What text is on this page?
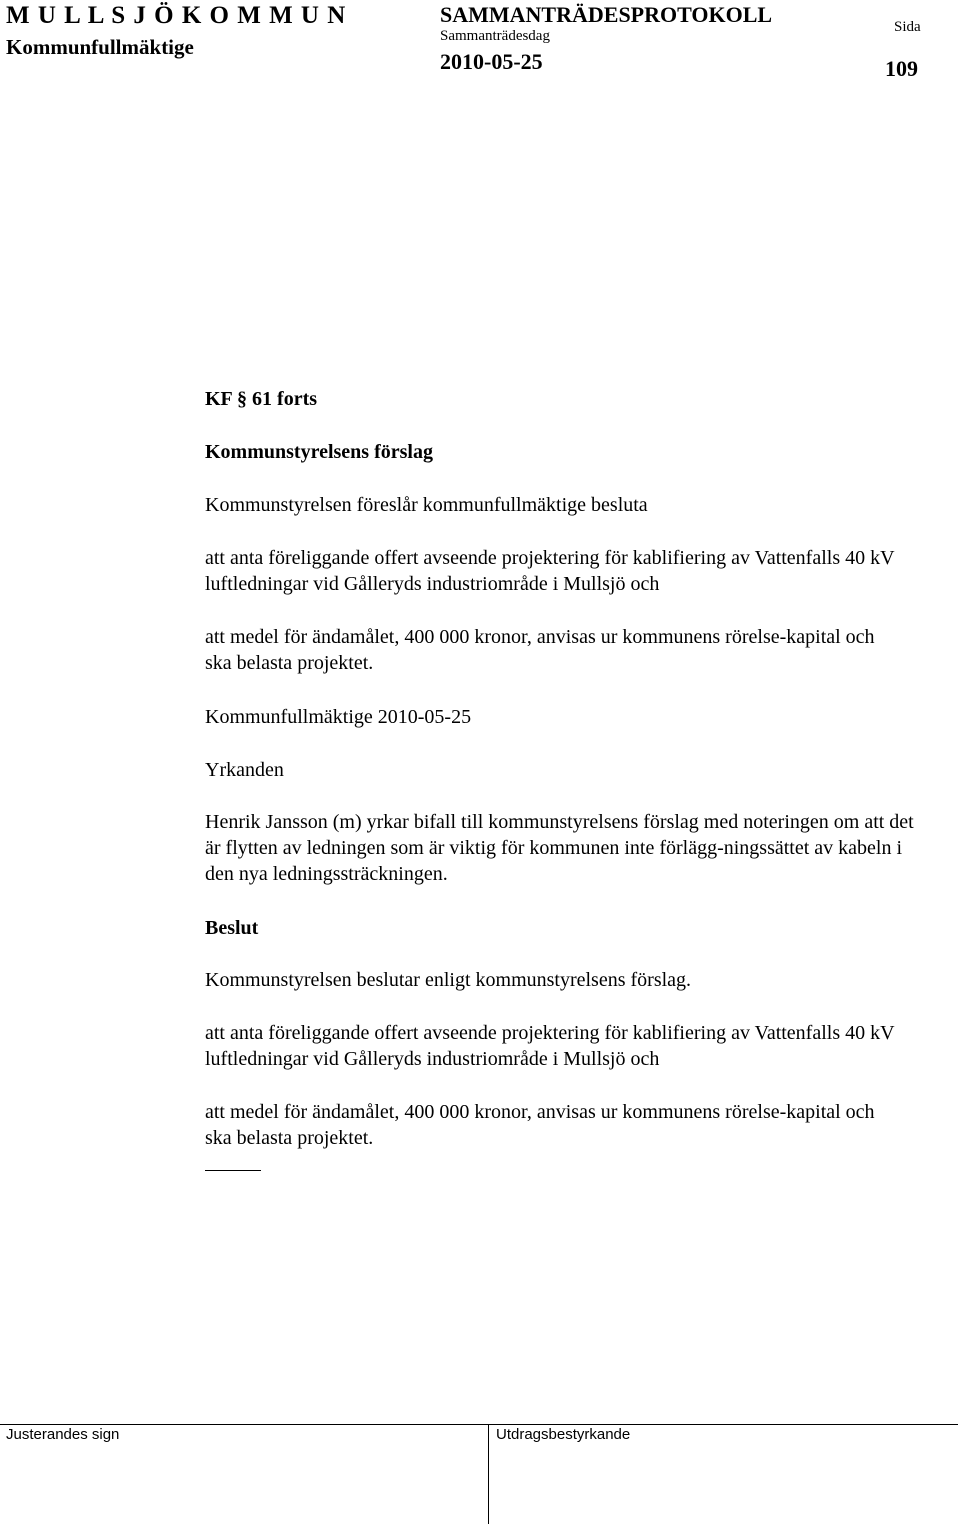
M U L L S J Ö K O M M U N
Kommunfullmäktige
SAMMANTRÄDESPROTOKOLL
Sammanträdesdag
2010-05-25
Sida
109
KF § 61 forts
Kommunstyrelsens förslag
Kommunstyrelsen föreslår kommunfullmäktige besluta
att anta föreliggande offert avseende projektering för kablifiering av Vattenfalls 40 kV luftledningar vid Gålleryds industriområde i Mullsjö och
att medel för ändamålet, 400 000 kronor, anvisas ur kommunens rörelse-kapital och ska belasta projektet.
Kommunfullmäktige 2010-05-25
Yrkanden
Henrik Jansson (m) yrkar bifall till kommunstyrelsens förslag med noteringen om att det är flytten av ledningen som är viktig för kommunen inte förlägg-ningssättet av kabeln i den nya ledningssträckningen.
Beslut
Kommunstyrelsen beslutar enligt kommunstyrelsens förslag.
att anta föreliggande offert avseende projektering för kablifiering av Vattenfalls 40 kV luftledningar vid Gålleryds industriområde i Mullsjö och
att medel för ändamålet, 400 000 kronor, anvisas ur kommunens rörelse-kapital och ska belasta projektet.
Justerandes sign	Utdragsbestyrkande
